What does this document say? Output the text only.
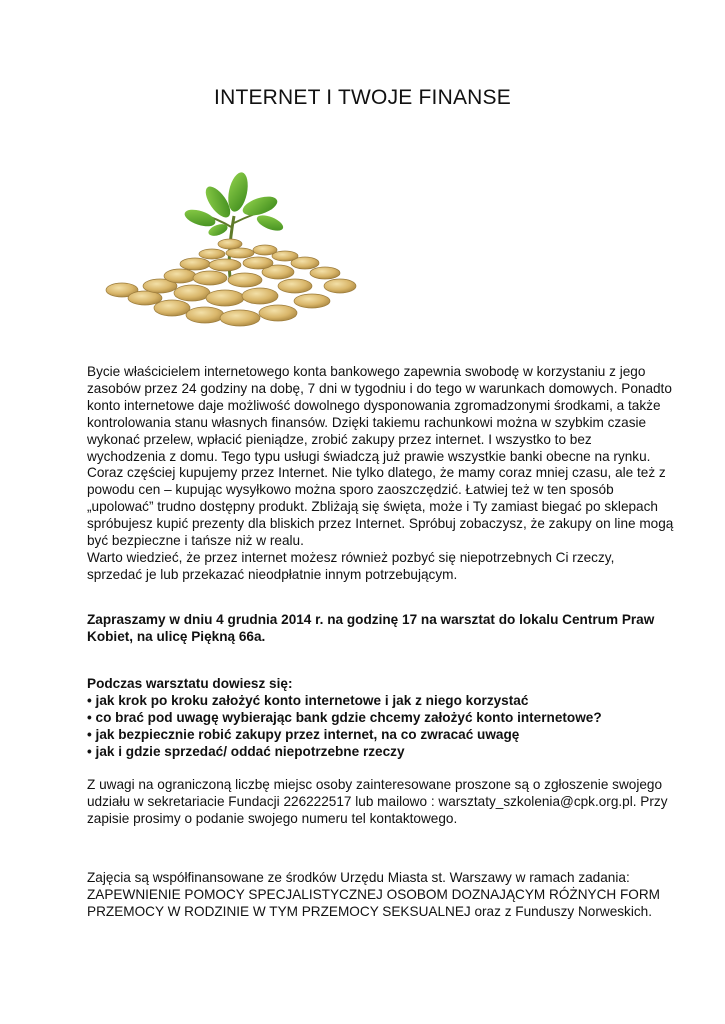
INTERNET I TWOJE FINANSE
Bycie właścicielem internetowego konta bankowego zapewnia swobodę w korzystaniu z jego
zasobów przez 24 godziny na dobę, 7 dni w tygodniu i do tego w warunkach domowych. Ponadto
konto internetowe daje możliwość dowolnego dysponowania zgromadzonymi środkami, a także
kontrolowania stanu własnych finansów. Dzięki takiemu rachunkowi można w szybkim czasie
wykonać przelew, wpłacić pieniądze, zrobić zakupy przez internet. I wszystko to bez
wychodzenia z domu. Tego typu usługi świadczą już prawie wszystkie banki obecne na rynku.
Coraz częściej kupujemy przez Internet. Nie tylko dlatego, że mamy coraz mniej czasu, ale też z
powodu cen – kupując wysyłkowo można sporo zaoszczędzić. Łatwiej też w ten sposób
„upolować” trudno dostępny produkt. Zbliżają się święta, może i Ty zamiast biegać po sklepach
spróbujesz kupić prezenty dla bliskich przez Internet. Spróbuj zobaczysz, że zakupy on line mogą
być bezpieczne i tańsze niż w realu.
Warto wiedzieć, że przez internet możesz również pozbyć się niepotrzebnych Ci rzeczy,
sprzedać je lub przekazać nieodpłatnie innym potrzebującym.
Zapraszamy w dniu 4 grudnia 2014 r. na godzinę 17 na warsztat do lokalu Centrum Praw
Kobiet, na ulicę Piękną 66a.
Podczas warsztatu dowiesz się:
• jak krok po kroku założyć konto internetowe i jak z niego korzystać
• co brać pod uwagę wybierając bank gdzie chcemy założyć konto internetowe?
• jak bezpiecznie robić zakupy przez internet, na co zwracać uwagę
• jak i gdzie sprzedać/ oddać niepotrzebne rzeczy
Z uwagi na ograniczoną liczbę miejsc osoby zainteresowane proszone są o zgłoszenie swojego
udziału w sekretariacie Fundacji 226222517 lub mailowo : warsztaty_szkolenia@cpk.org.pl. Przy
zapisie prosimy o podanie swojego numeru tel kontaktowego.
Zajęcia są współfinansowane ze środków Urzędu Miasta st. Warszawy w ramach zadania:
ZAPEWNIENIE POMOCY SPECJALISTYCZNEJ OSOBOM DOZNAJĄCYM RÓŻNYCH FORM
PRZEMOCY W RODZINIE W TYM PRZEMOCY SEKSUALNEJ oraz z Funduszy Norweskich.
